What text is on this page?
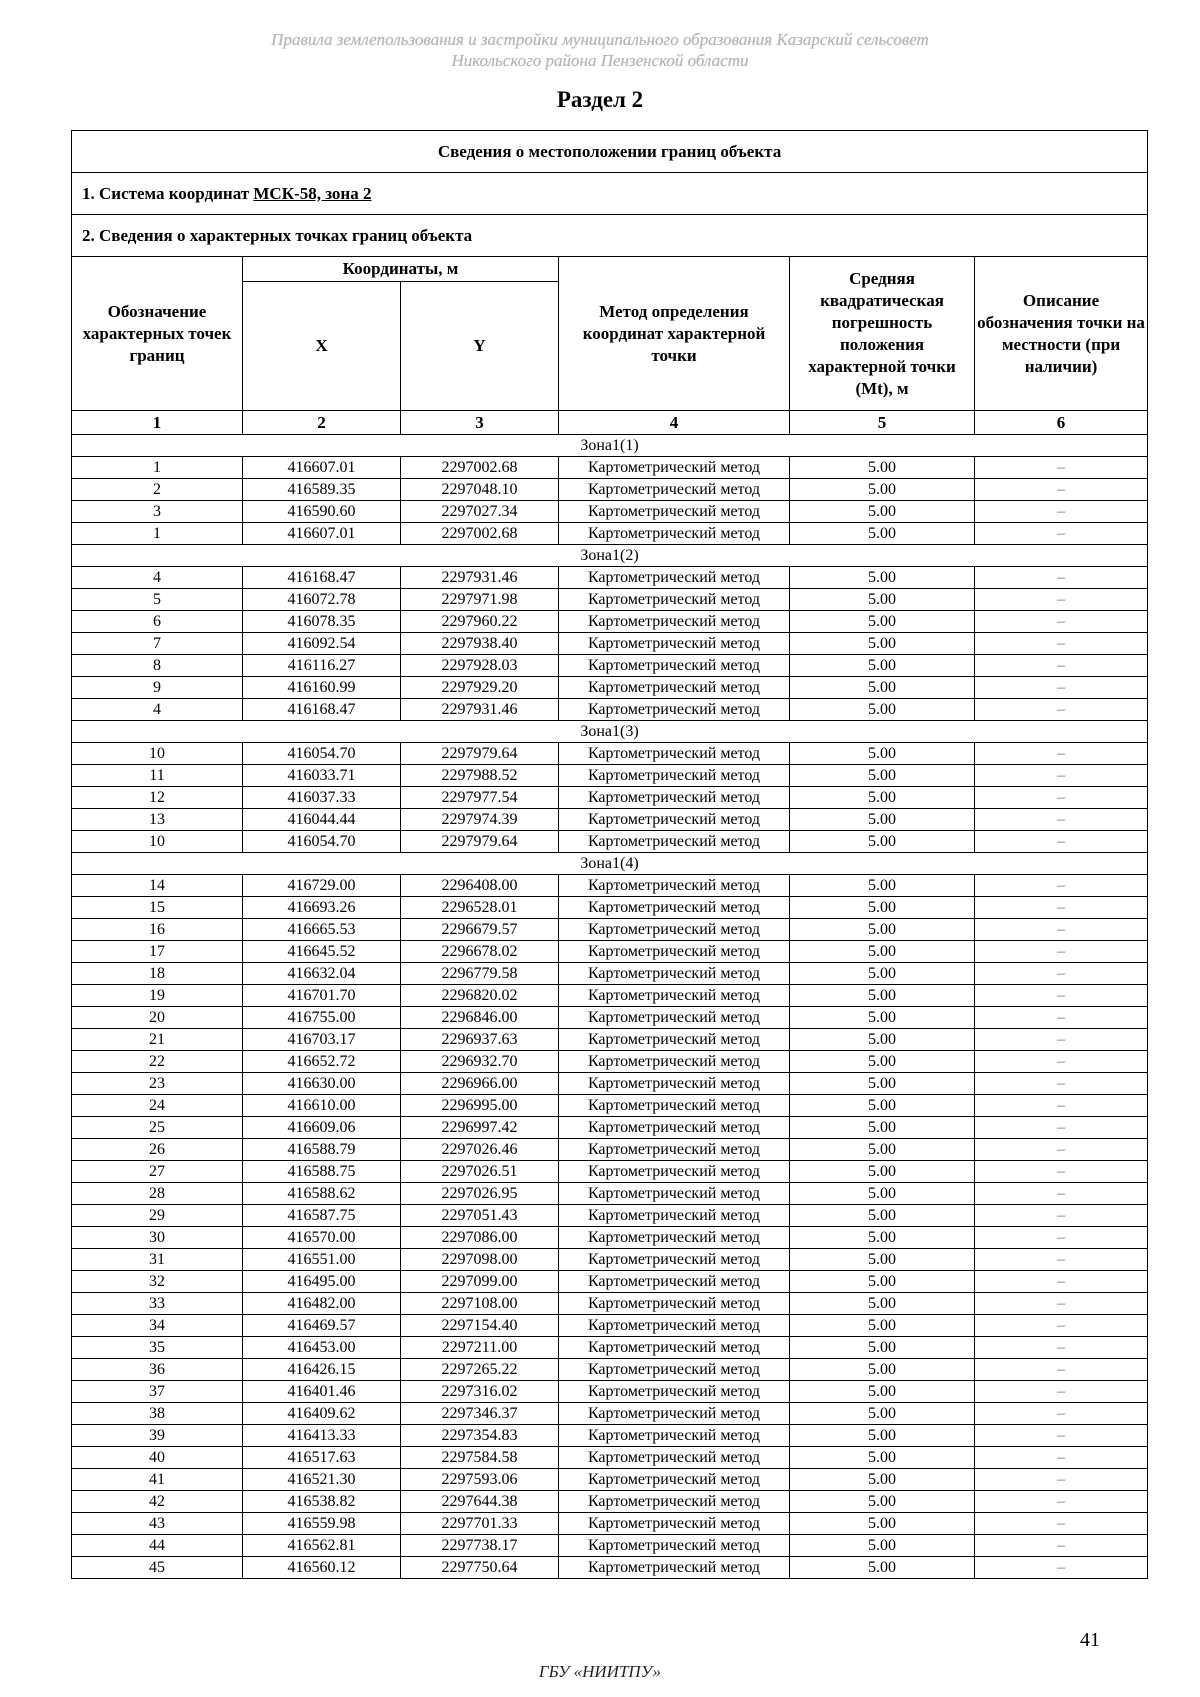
Правила землепользования и застройки муниципального образования Казарский сельсовет
Никольского района Пензенской области
Раздел 2
Сведения о местоположении границ объекта					
1. Система координат МСК-58, зона 2					
2. Сведения о характерных точках границ объекта					
Обозначение характерных точек границ	Координаты, м		Метод определения координат характерной точки	Средняя квадратическая погрешность положения характерной точки (Mt), м	Описание обозначения точки на местности (при наличии)
	X	Y			
1	2	3	4	5	6
Зона1(1)					
1	416607.01	2297002.68	Картометрический метод	5.00	–
2	416589.35	2297048.10	Картометрический метод	5.00	–
3	416590.60	2297027.34	Картометрический метод	5.00	–
1	416607.01	2297002.68	Картометрический метод	5.00	–
Зона1(2)					
4	416168.47	2297931.46	Картометрический метод	5.00	–
5	416072.78	2297971.98	Картометрический метод	5.00	–
6	416078.35	2297960.22	Картометрический метод	5.00	–
7	416092.54	2297938.40	Картометрический метод	5.00	–
8	416116.27	2297928.03	Картометрический метод	5.00	–
9	416160.99	2297929.20	Картометрический метод	5.00	–
4	416168.47	2297931.46	Картометрический метод	5.00	–
Зона1(3)					
10	416054.70	2297979.64	Картометрический метод	5.00	–
11	416033.71	2297988.52	Картометрический метод	5.00	–
12	416037.33	2297977.54	Картометрический метод	5.00	–
13	416044.44	2297974.39	Картометрический метод	5.00	–
10	416054.70	2297979.64	Картометрический метод	5.00	–
Зона1(4)					
14	416729.00	2296408.00	Картометрический метод	5.00	–
15	416693.26	2296528.01	Картометрический метод	5.00	–
16	416665.53	2296679.57	Картометрический метод	5.00	–
17	416645.52	2296678.02	Картометрический метод	5.00	–
18	416632.04	2296779.58	Картометрический метод	5.00	–
19	416701.70	2296820.02	Картометрический метод	5.00	–
20	416755.00	2296846.00	Картометрический метод	5.00	–
21	416703.17	2296937.63	Картометрический метод	5.00	–
22	416652.72	2296932.70	Картометрический метод	5.00	–
23	416630.00	2296966.00	Картометрический метод	5.00	–
24	416610.00	2296995.00	Картометрический метод	5.00	–
25	416609.06	2296997.42	Картометрический метод	5.00	–
26	416588.79	2297026.46	Картометрический метод	5.00	–
27	416588.75	2297026.51	Картометрический метод	5.00	–
28	416588.62	2297026.95	Картометрический метод	5.00	–
29	416587.75	2297051.43	Картометрический метод	5.00	–
30	416570.00	2297086.00	Картометрический метод	5.00	–
31	416551.00	2297098.00	Картометрический метод	5.00	–
32	416495.00	2297099.00	Картометрический метод	5.00	–
33	416482.00	2297108.00	Картометрический метод	5.00	–
34	416469.57	2297154.40	Картометрический метод	5.00	–
35	416453.00	2297211.00	Картометрический метод	5.00	–
36	416426.15	2297265.22	Картометрический метод	5.00	–
37	416401.46	2297316.02	Картометрический метод	5.00	–
38	416409.62	2297346.37	Картометрический метод	5.00	–
39	416413.33	2297354.83	Картометрический метод	5.00	–
40	416517.63	2297584.58	Картометрический метод	5.00	–
41	416521.30	2297593.06	Картометрический метод	5.00	–
42	416538.82	2297644.38	Картометрический метод	5.00	–
43	416559.98	2297701.33	Картометрический метод	5.00	–
44	416562.81	2297738.17	Картометрический метод	5.00	–
45	416560.12	2297750.64	Картометрический метод	5.00	–
41
ГБУ «НИИТПУ»
